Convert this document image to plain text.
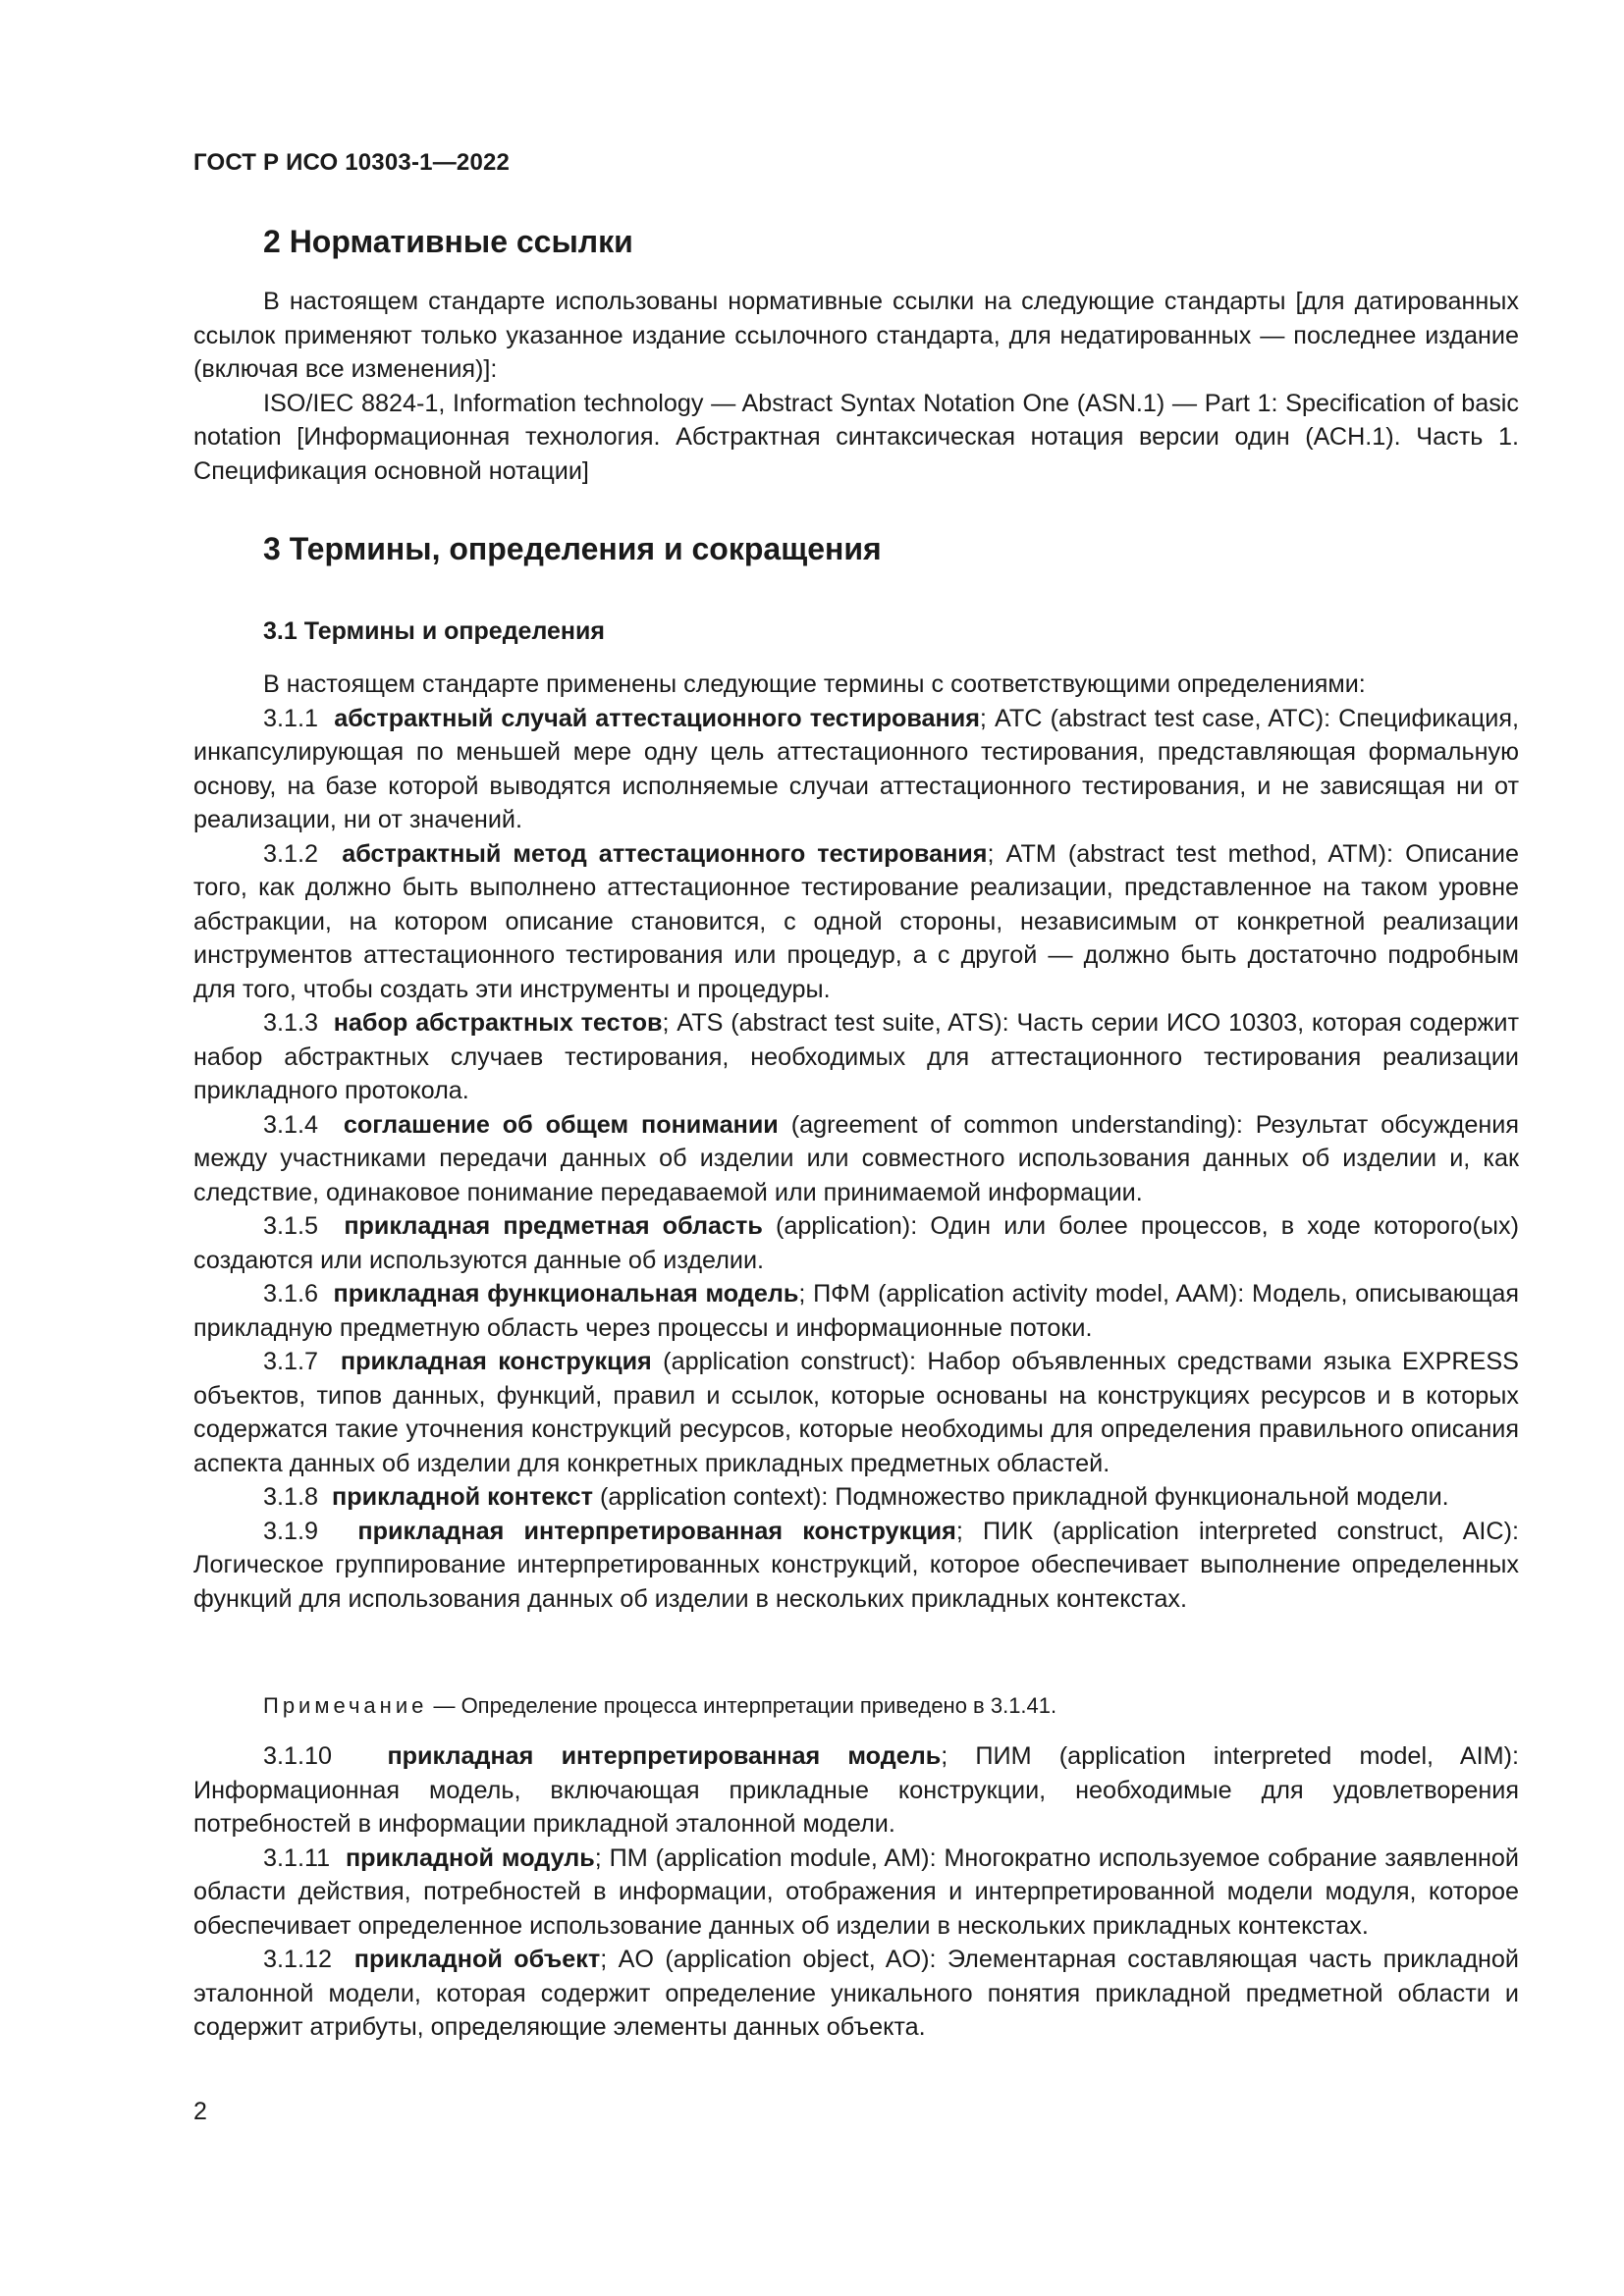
ГОСТ Р ИСО 10303-1—2022
2 Нормативные ссылки

В настоящем стандарте использованы нормативные ссылки на следующие стандарты [для датированных ссылок применяют только указанное издание ссылочного стандарта, для недатированных — последнее издание (включая все изменения)]:

ISO/IEC 8824-1, Information technology — Abstract Syntax Notation One (ASN.1) — Part 1: Specification of basic notation [Информационная технология. Абстрактная синтаксическая нотация версии один (АСН.1). Часть 1. Спецификация основной нотации]

3 Термины, определения и сокращения
3.1 Термины и определения

В настоящем стандарте применены следующие термины с соответствующими определениями:

3.1.1 абстрактный случай аттестационного тестирования; ATC (abstract test case, ATC): Спецификация, инкапсулирующая по меньшей мере одну цель аттестационного тестирования, представляющая формальную основу, на базе которой выводятся исполняемые случаи аттестационного тестирования, и не зависящая ни от реализации, ни от значений.

3.1.2 абстрактный метод аттестационного тестирования; ATM (abstract test method, ATM): Описание того, как должно быть выполнено аттестационное тестирование реализации, представленное на таком уровне абстракции, на котором описание становится, с одной стороны, независимым от конкретной реализации инструментов аттестационного тестирования или процедур, а с другой — должно быть достаточно подробным для того, чтобы создать эти инструменты и процедуры.

3.1.3 набор абстрактных тестов; ATS (abstract test suite, ATS): Часть серии ИСО 10303, которая содержит набор абстрактных случаев тестирования, необходимых для аттестационного тестирования реализации прикладного протокола.

3.1.4 соглашение об общем понимании (agreement of common understanding): Результат обсуждения между участниками передачи данных об изделии или совместного использования данных об изделии и, как следствие, одинаковое понимание передаваемой или принимаемой информации.

3.1.5 прикладная предметная область (application): Один или более процессов, в ходе которого(ых) создаются или используются данные об изделии.

3.1.6 прикладная функциональная модель; ПФМ (application activity model, AAM): Модель, описывающая прикладную предметную область через процессы и информационные потоки.

3.1.7 прикладная конструкция (application construct): Набор объявленных средствами языка EXPRESS объектов, типов данных, функций, правил и ссылок, которые основаны на конструкциях ресурсов и в которых содержатся такие уточнения конструкций ресурсов, которые необходимы для определения правильного описания аспекта данных об изделии для конкретных прикладных предметных областей.

3.1.8 прикладной контекст (application context): Подмножество прикладной функциональной модели.

3.1.9 прикладная интерпретированная конструкция; ПИК (application interpreted construct, AIC): Логическое группирование интерпретированных конструкций, которое обеспечивает выполнение определенных функций для использования данных об изделии в нескольких прикладных контекстах.

Примечание — Определение процесса интерпретации приведено в 3.1.41.

3.1.10 прикладная интерпретированная модель; ПИМ (application interpreted model, AIM): Информационная модель, включающая прикладные конструкции, необходимые для удовлетворения потребностей в информации прикладной эталонной модели.

3.1.11 прикладной модуль; ПМ (application module, AM): Многократно используемое собрание заявленной области действия, потребностей в информации, отображения и интерпретированной модели модуля, которое обеспечивает определенное использование данных об изделии в нескольких прикладных контекстах.

3.1.12 прикладной объект; AO (application object, AO): Элементарная составляющая часть прикладной эталонной модели, которая содержит определение уникального понятия прикладной предметной области и содержит атрибуты, определяющие элементы данных объекта.

2
